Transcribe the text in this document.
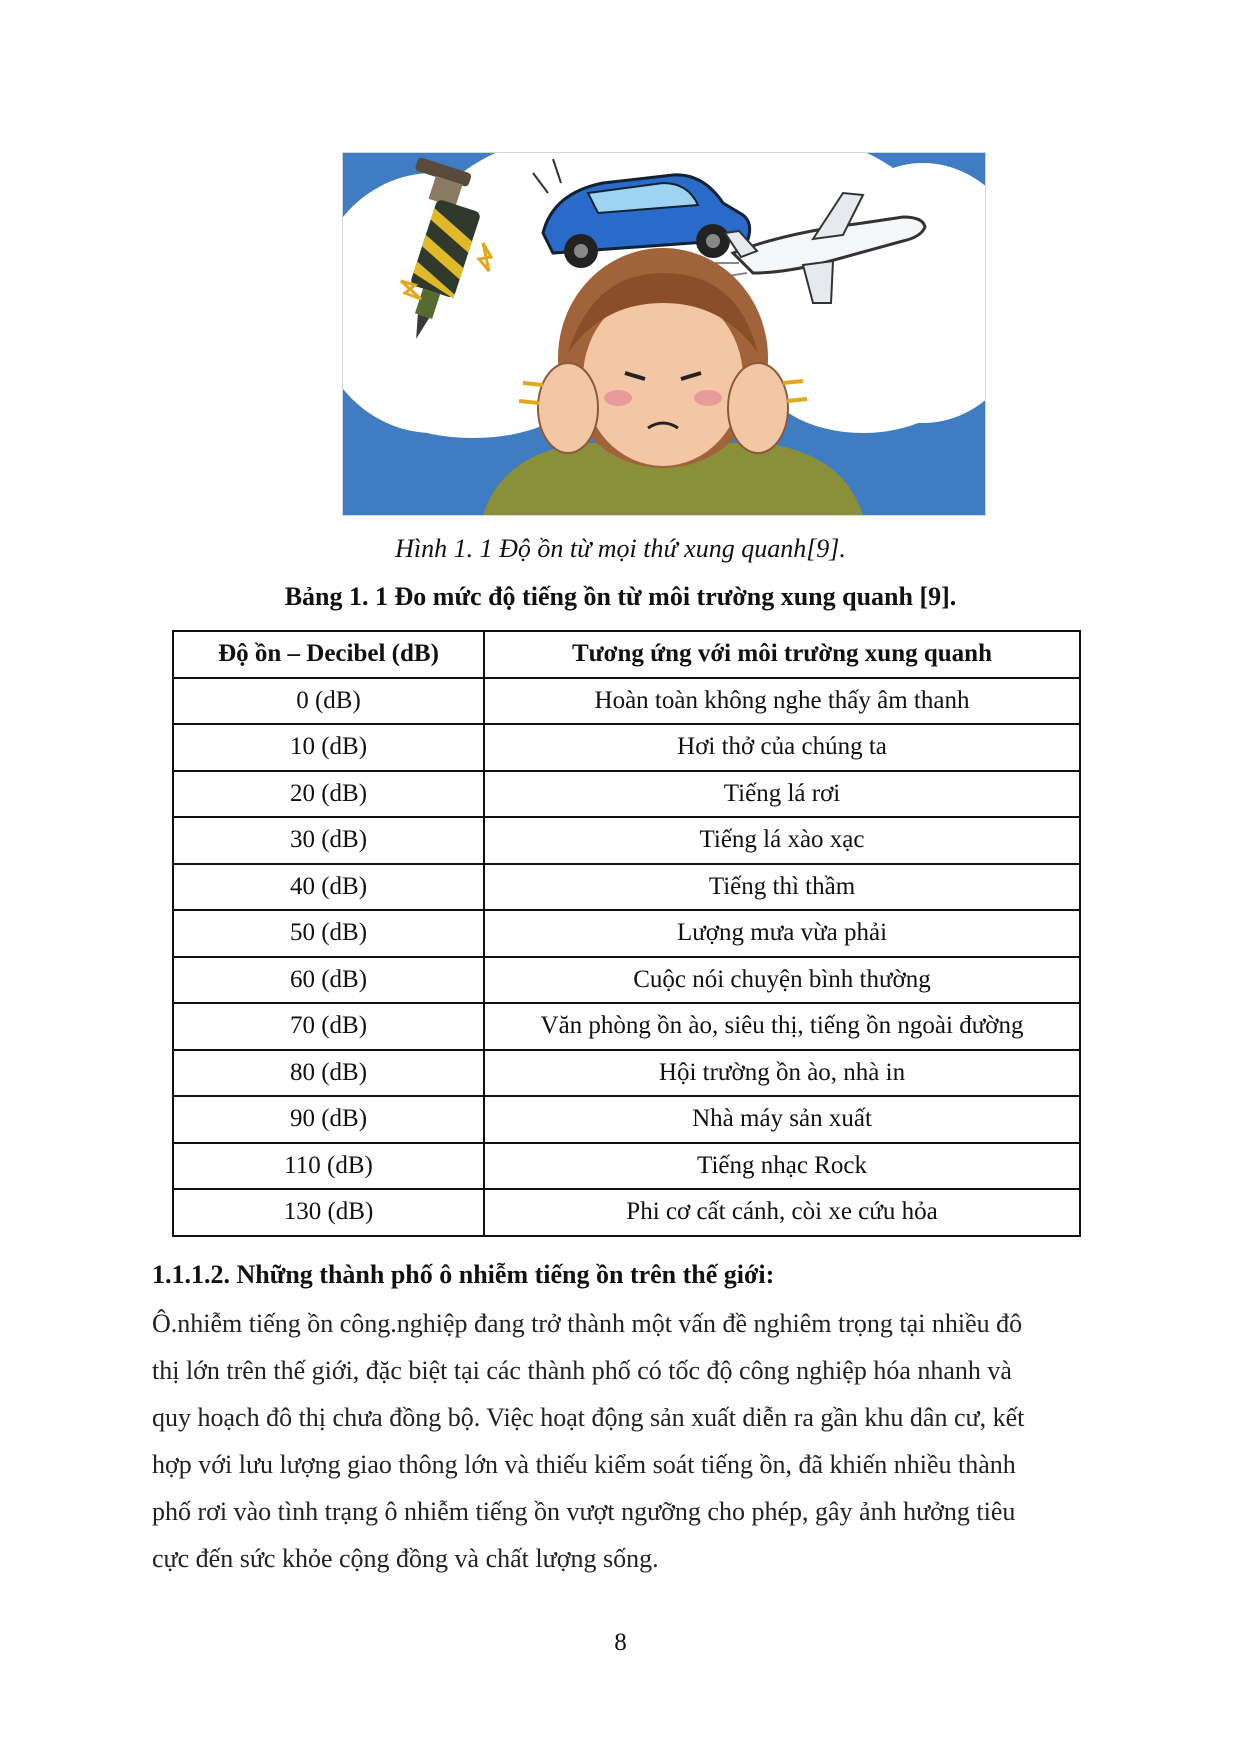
Hình 1. 1 Độ ồn từ mọi thứ xung quanh[9].
Bảng 1. 1 Đo mức độ tiếng ồn từ môi trường xung quanh [9].
Độ ồn – Decibel (dB)	Tương ứng với môi trường xung quanh
0 (dB)	Hoàn toàn không nghe thấy âm thanh
10 (dB)	Hơi thở của chúng ta
20 (dB)	Tiếng lá rơi
30 (dB)	Tiếng lá xào xạc
40 (dB)	Tiếng thì thầm
50 (dB)	Lượng mưa vừa phải
60 (dB)	Cuộc nói chuyện bình thường
70 (dB)	Văn phòng ồn ào, siêu thị, tiếng ồn ngoài đường
80 (dB)	Hội trường ồn ào, nhà in
90 (dB)	Nhà máy sản xuất
110 (dB)	Tiếng nhạc Rock
130 (dB)	Phi cơ cất cánh, còi xe cứu hỏa
1.1.1.2. Những thành phố ô nhiễm tiếng ồn trên thế giới:
Ô.nhiễm tiếng ồn công.nghiệp đang trở thành một vấn đề nghiêm trọng tại nhiều đô
thị lớn trên thế giới, đặc biệt tại các thành phố có tốc độ công nghiệp hóa nhanh và
quy hoạch đô thị chưa đồng bộ. Việc hoạt động sản xuất diễn ra gần khu dân cư, kết
hợp với lưu lượng giao thông lớn và thiếu kiểm soát tiếng ồn, đã khiến nhiều thành
phố rơi vào tình trạng ô nhiễm tiếng ồn vượt ngưỡng cho phép, gây ảnh hưởng tiêu
cực đến sức khỏe cộng đồng và chất lượng sống.
8
